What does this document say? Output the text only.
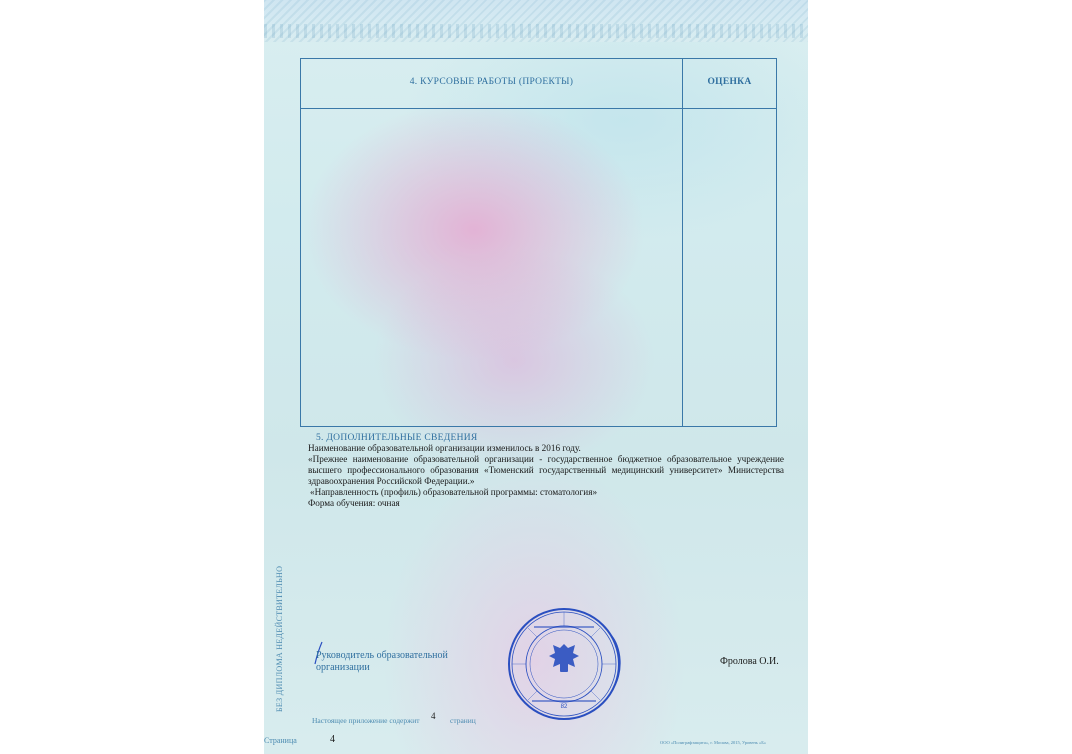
4. КУРСОВЫЕ РАБОТЫ (ПРОЕКТЫ)	ОЦЕНКА
5. ДОПОЛНИТЕЛЬНЫЕ СВЕДЕНИЯ

Наименование образовательной организации изменилось в 2016 году.

«Прежнее наименование образовательной организации - государственное бюджетное образовательное учреждение высшего профессионального образования «Тюменский государственный медицинский университет» Министерства здравоохранения Российской Федерации.»

«Направленность (профиль) образовательной программы: стоматология»

Форма обучения: очная

БЕЗ ДИПЛОМА НЕДЕЙСТВИТЕЛЬНО	Руководитель образовательной
организации
Фролова О.И.
82
Настоящее приложение содержит 4 страниц
Страница	4	ООО «Полиграфзащита», г. Москва, 2015, Уровень «Б»
